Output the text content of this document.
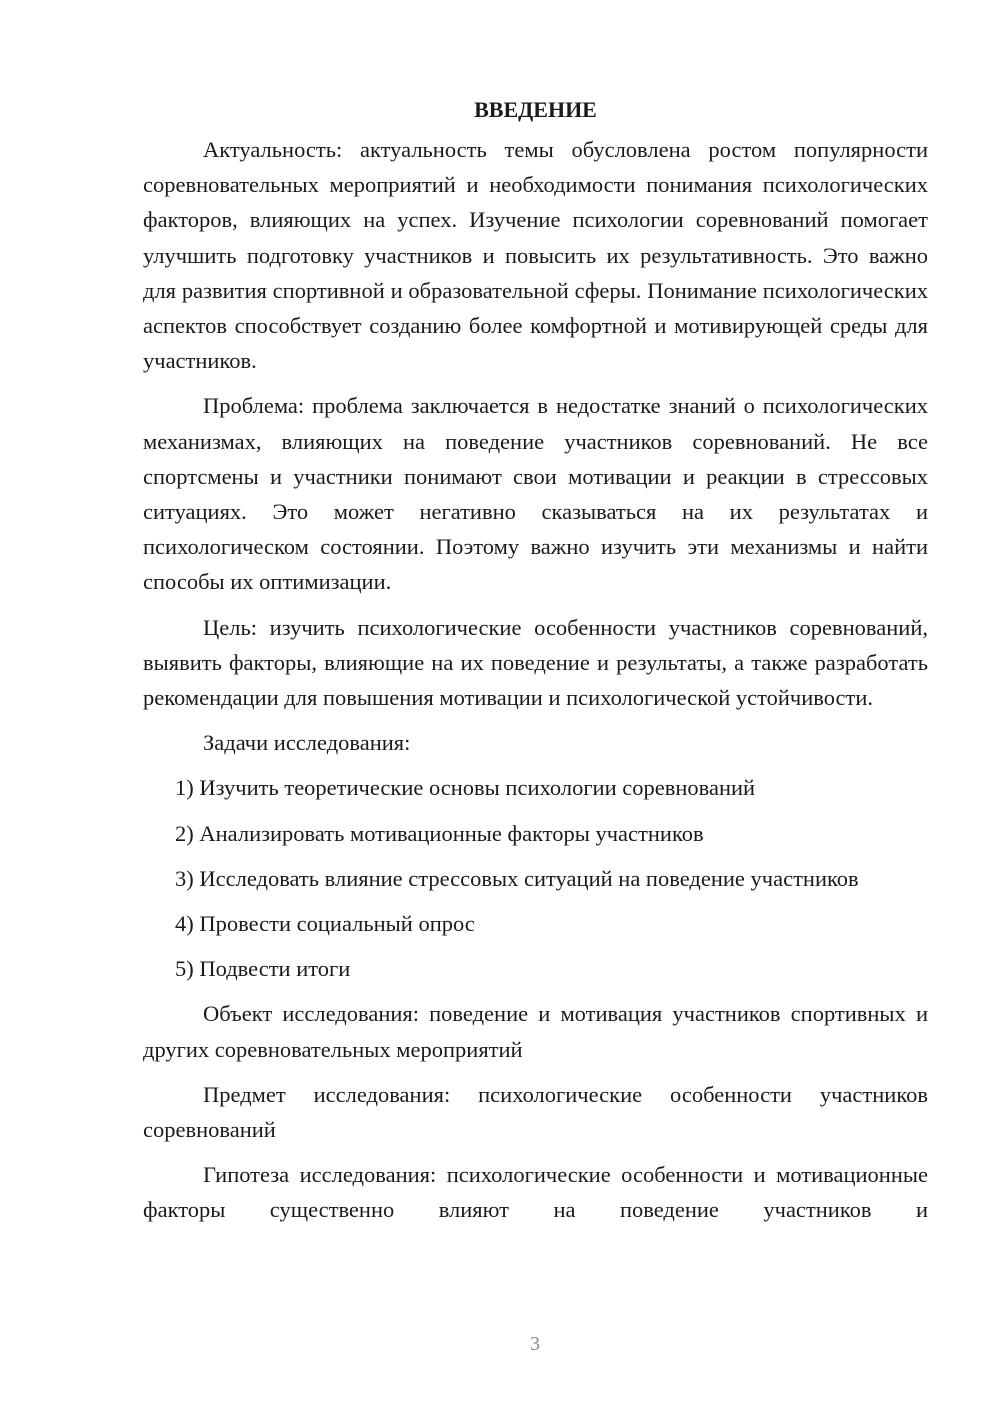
ВВЕДЕНИЕ

Актуальность: актуальность темы обусловлена ростом популярности соревновательных мероприятий и необходимости понимания психологических факторов, влияющих на успех. Изучение психологии соревнований помогает улучшить подготовку участников и повысить их результативность. Это важно для развития спортивной и образовательной сферы. Понимание психологических аспектов способствует созданию более комфортной и мотивирующей среды для участников.

Проблема: проблема заключается в недостатке знаний о психологических механизмах, влияющих на поведение участников соревнований. Не все спортсмены и участники понимают свои мотивации и реакции в стрессовых ситуациях. Это может негативно сказываться на их результатах и психологическом состоянии. Поэтому важно изучить эти механизмы и найти способы их оптимизации.

Цель: изучить психологические особенности участников соревнований, выявить факторы, влияющие на их поведение и результаты, а также разработать рекомендации для повышения мотивации и психологической устойчивости.

Задачи исследования:

1) Изучить теоретические основы психологии соревнований
2) Анализировать мотивационные факторы участников
3) Исследовать влияние стрессовых ситуаций на поведение участников
4) Провести социальный опрос
5) Подвести итоги

Объект исследования: поведение и мотивация участников спортивных и других соревновательных мероприятий

Предмет исследования: психологические особенности участников соревнований

Гипотеза исследования: психологические особенности и мотивационные факторы существенно влияют на поведение участников и

3
